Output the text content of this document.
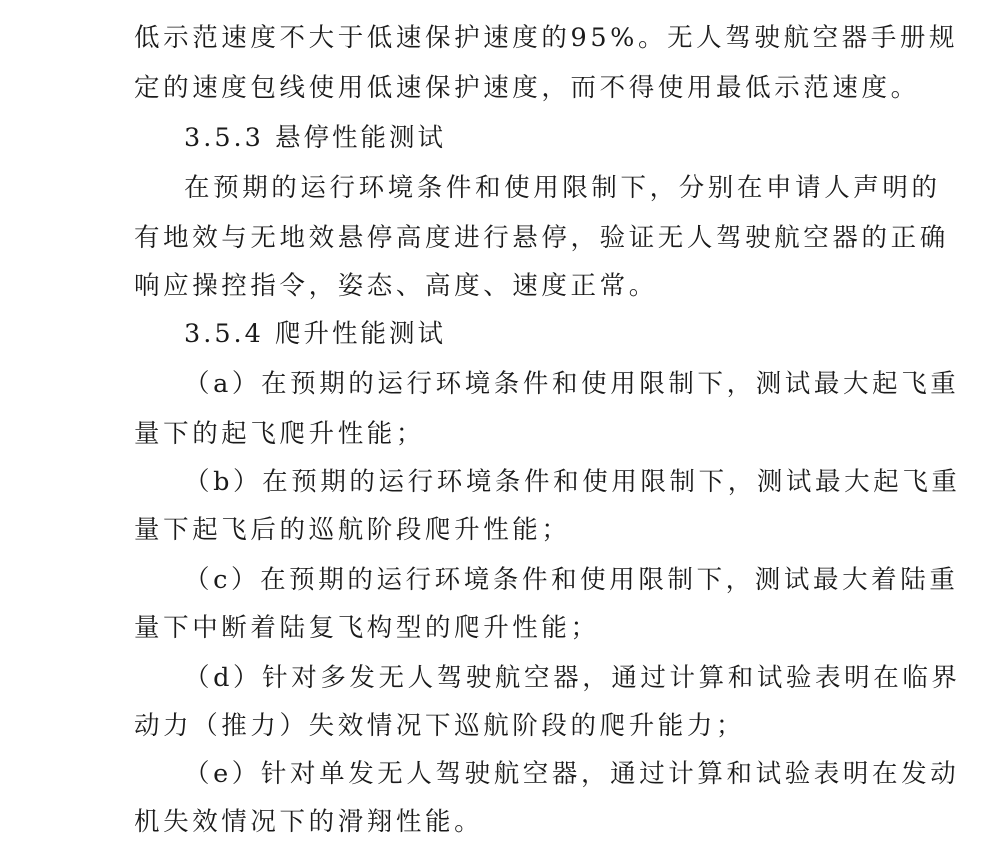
低示范速度不大于低速保护速度的95%。无人驾驶航空器手册规
定的速度包线使用低速保护速度，而不得使用最低示范速度。
3.5.3 悬停性能测试
在预期的运行环境条件和使用限制下，分别在申请人声明的
有地效与无地效悬停高度进行悬停，验证无人驾驶航空器的正确
响应操控指令，姿态、高度、速度正常。
3.5.4 爬升性能测试
（a）在预期的运行环境条件和使用限制下，测试最大起飞重
量下的起飞爬升性能；
（b）在预期的运行环境条件和使用限制下，测试最大起飞重
量下起飞后的巡航阶段爬升性能；
（c）在预期的运行环境条件和使用限制下，测试最大着陆重
量下中断着陆复飞构型的爬升性能；
（d）针对多发无人驾驶航空器，通过计算和试验表明在临界
动力（推力）失效情况下巡航阶段的爬升能力；
（e）针对单发无人驾驶航空器，通过计算和试验表明在发动
机失效情况下的滑翔性能。
